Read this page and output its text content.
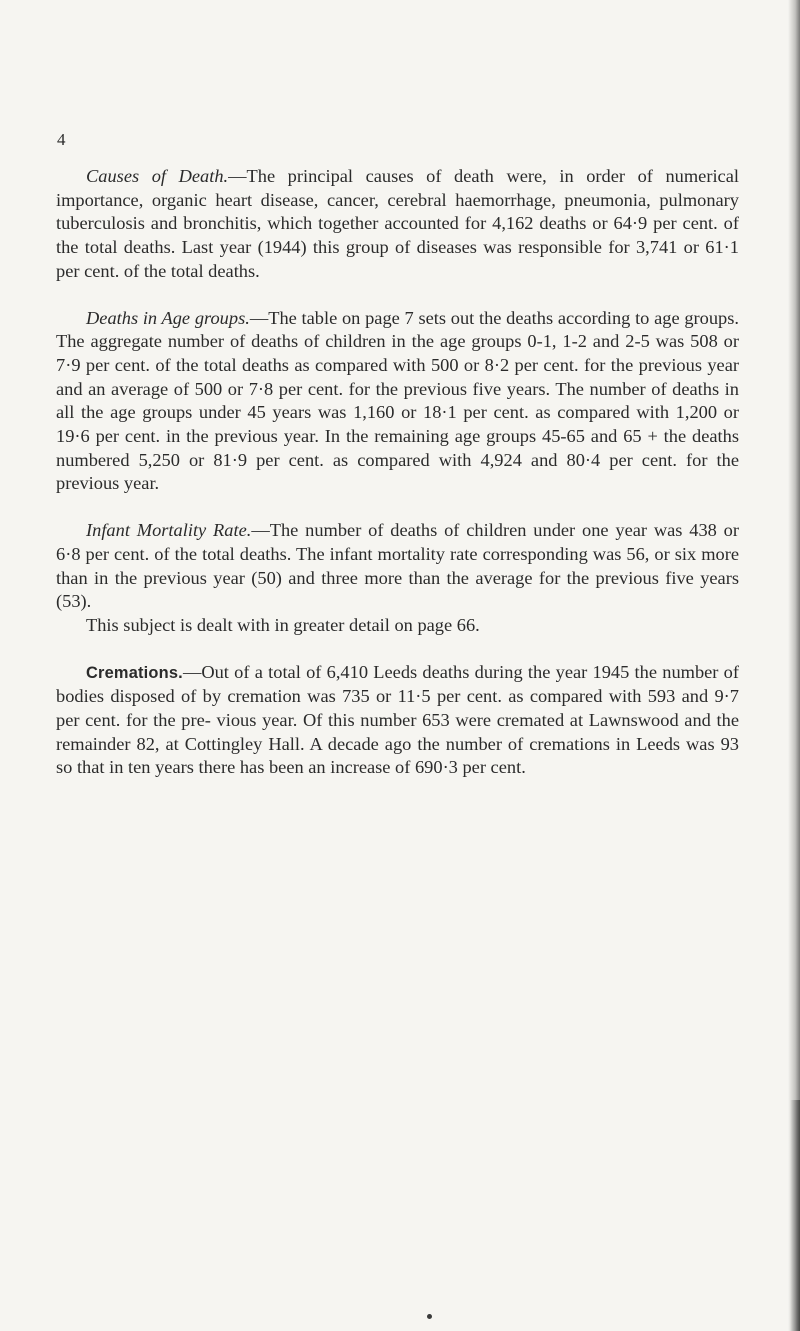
4

Causes of Death.—The principal causes of death were, in order of numerical importance, organic heart disease, cancer, cerebral haemorrhage, pneumonia, pulmonary tuberculosis and bronchitis, which together accounted for 4,162 deaths or 64·9 per cent. of the total deaths. Last year (1944) this group of diseases was responsible for 3,741 or 61·1 per cent. of the total deaths.

Deaths in Age groups.—The table on page 7 sets out the deaths according to age groups. The aggregate number of deaths of children in the age groups 0-1, 1-2 and 2-5 was 508 or 7·9 per cent. of the total deaths as compared with 500 or 8·2 per cent. for the previous year and an average of 500 or 7·8 per cent. for the previous five years. The number of deaths in all the age groups under 45 years was 1,160 or 18·1 per cent. as compared with 1,200 or 19·6 per cent. in the previous year. In the remaining age groups 45-65 and 65 + the deaths numbered 5,250 or 81·9 per cent. as compared with 4,924 and 80·4 per cent. for the previous year.

Infant Mortality Rate.—The number of deaths of children under one year was 438 or 6·8 per cent. of the total deaths. The infant mortality rate corresponding was 56, or six more than in the previous year (50) and three more than the average for the previous five years (53).

This subject is dealt with in greater detail on page 66.

Cremations.—Out of a total of 6,410 Leeds deaths during the year 1945 the number of bodies disposed of by cremation was 735 or 11·5 per cent. as compared with 593 and 9·7 per cent. for the pre- vious year. Of this number 653 were cremated at Lawnswood and the remainder 82, at Cottingley Hall. A decade ago the number of cremations in Leeds was 93 so that in ten years there has been an increase of 690·3 per cent.
